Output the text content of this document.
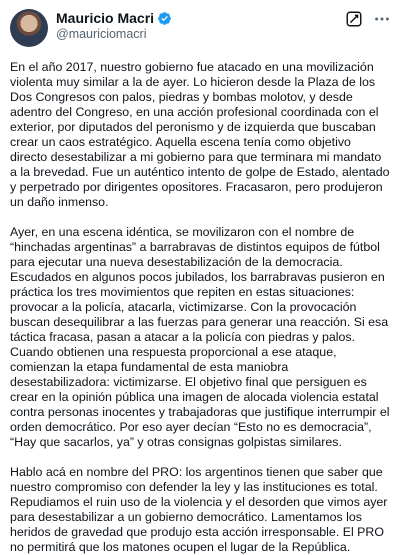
Mauricio Macri
@mauriciomacri

En el año 2017, nuestro gobierno fue atacado en una movilización violenta muy similar a la de ayer. Lo hicieron desde la Plaza de los Dos Congresos con palos, piedras y bombas molotov, y desde adentro del Congreso, en una acción profesional coordinada con el exterior, por diputados del peronismo y de izquierda que buscaban crear un caos estratégico. Aquella escena tenía como objetivo directo desestabilizar a mi gobierno para que terminara mi mandato a la brevedad. Fue un auténtico intento de golpe de Estado, alentado y perpetrado por dirigentes opositores. Fracasaron, pero produjeron un daño inmenso.

Ayer, en una escena idéntica, se movilizaron con el nombre de “hinchadas argentinas” a barrabravas de distintos equipos de fútbol para ejecutar una nueva desestabilización de la democracia. Escudados en algunos pocos jubilados, los barrabravas pusieron en práctica los tres movimientos que repiten en estas situaciones: provocar a la policía, atacarla, victimizarse. Con la provocación buscan desequilibrar a las fuerzas para generar una reacción. Si esa táctica fracasa, pasan a atacar a la policía con piedras y palos. Cuando obtienen una respuesta proporcional a ese ataque, comienzan la etapa fundamental de esta maniobra desestabilizadora: victimizarse. El objetivo final que persiguen es crear en la opinión pública una imagen de alocada violencia estatal contra personas inocentes y trabajadoras que justifique interrumpir el orden democrático. Por eso ayer decían “Esto no es democracia”, “Hay que sacarlos, ya” y otras consignas golpistas similares.

Hablo acá en nombre del PRO: los argentinos tienen que saber que nuestro compromiso con defender la ley y las instituciones es total. Repudiamos el ruin uso de la violencia y el desorden que vimos ayer para desestabilizar a un gobierno democrático. Lamentamos los heridos de gravedad que produjo esta acción irresponsable. El PRO no permitirá que los matones ocupen el lugar de la República.
